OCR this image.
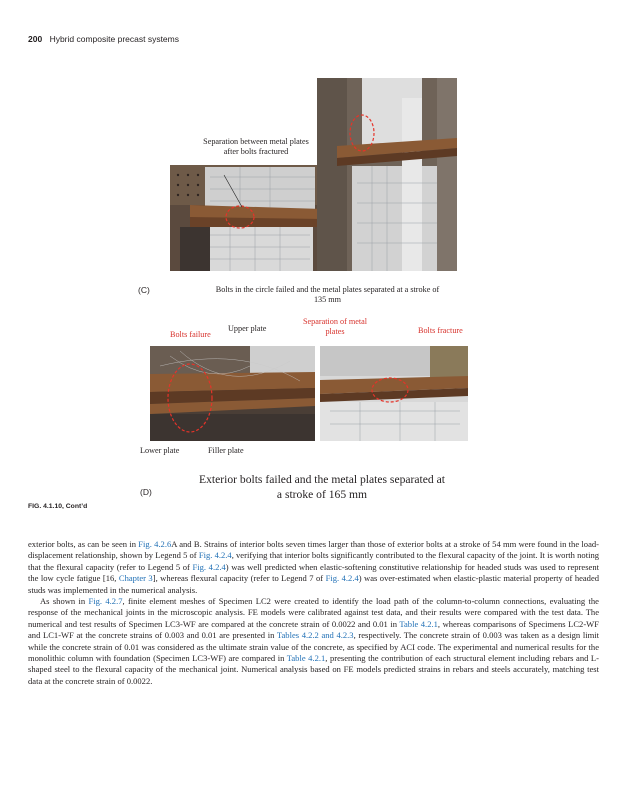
200 Hybrid composite precast systems
Separation between metal plates after bolts fractured
(C)	Bolts in the circle failed and the metal plates separated at a stroke of 135 mm
Bolts failure
Upper plate
Separation of metal plates	Bolts fracture
Lower plate	Filler plate
(D)
Exterior bolts failed and the metal plates separated at a stroke of 165 mm
FIG. 4.1.10, Cont’d

exterior bolts, as can be seen in Fig. 4.2.6A and B. Strains of interior bolts seven times larger than those of exterior bolts at a stroke of 54 mm were found in the load-displacement relationship, shown by Legend 5 of Fig. 4.2.4, verifying that interior bolts significantly contributed to the flexural capacity of the joint. It is worth noting that the flexural capacity (refer to Legend 5 of Fig. 4.2.4) was well predicted when elastic-softening constitutive relationship for headed studs was used to represent the low cycle fatigue [16, Chapter 3], whereas flexural capacity (refer to Legend 7 of Fig. 4.2.4) was over-estimated when elastic-plastic material property of headed studs was implemented in the numerical analysis.

As shown in Fig. 4.2.7, finite element meshes of Specimen LC2 were created to identify the load path of the column-to-column connections, evaluating the response of the mechanical joints in the microscopic analysis. FE models were calibrated against test data, and their results were compared with the test data. The numerical and test results of Specimen LC3-WF are compared at the concrete strain of 0.0022 and 0.01 in Table 4.2.1, whereas comparisons of Specimens LC2-WF and LC1-WF at the concrete strains of 0.003 and 0.01 are presented in Tables 4.2.2 and 4.2.3, respectively. The concrete strain of 0.003 was taken as a design limit while the concrete strain of 0.01 was considered as the ultimate strain value of the concrete, as specified by ACI code. The experimental and numerical results for the monolithic column with foundation (Specimen LC3-WF) are compared in Table 4.2.1, presenting the contribution of each structural element including rebars and L-shaped steel to the flexural capacity of the mechanical joint. Numerical analysis based on FE models predicted strains in rebars and steels accurately, matching test data at the concrete strain of 0.0022.
